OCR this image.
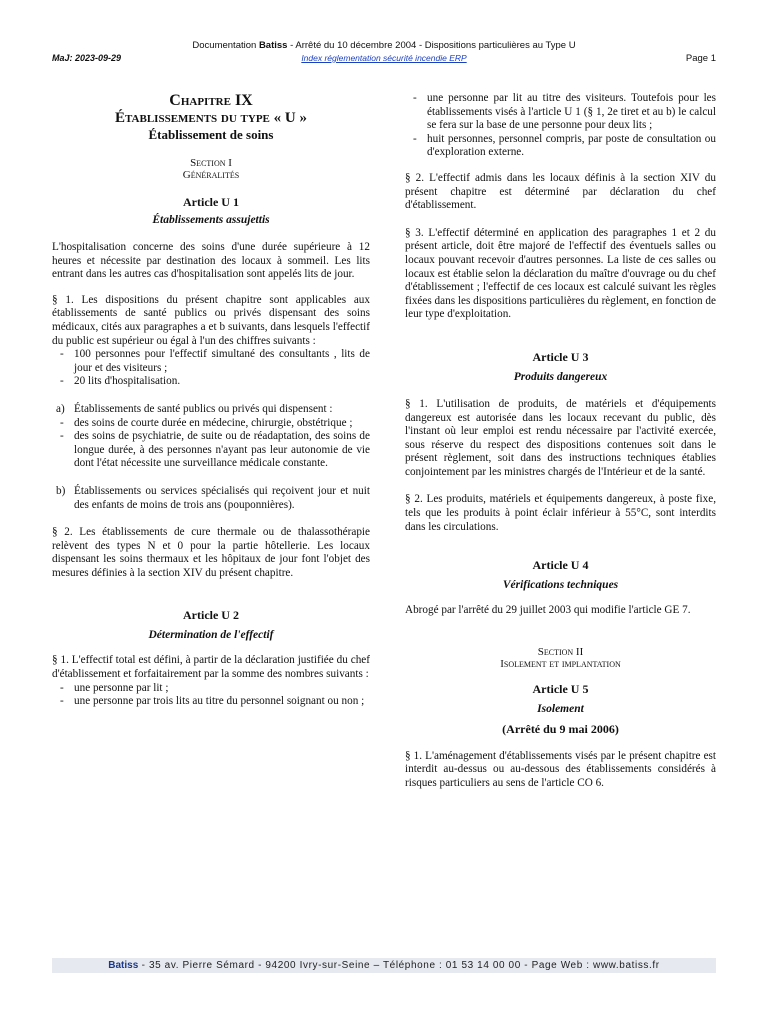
Documentation Batiss - Arrêté du 10 décembre 2004 - Dispositions particulières au Type U
MaJ: 2023-09-29	Index réglementation sécurité incendie ERP	Page 1
Chapitre IX
Établissements du type « U »
Établissement de soins
Section I
Généralités
Article U 1
Établissements assujettis

L'hospitalisation concerne des soins d'une durée supérieure à 12 heures et nécessite par destination des locaux à sommeil. Les lits entrant dans les autres cas d'hospitalisation sont appelés lits de jour.

§ 1. Les dispositions du présent chapitre sont applicables aux établissements de santé publics ou privés dispensant des soins médicaux, cités aux paragraphes a et b suivants, dans lesquels l'effectif du public est supérieur ou égal à l'un des chiffres suivants :

- 100 personnes pour l'effectif simultané des consultants , lits de jour et des visiteurs ;
- 20 lits d'hospitalisation.
a) Établissements de santé publics ou privés qui dispensent :
- des soins de courte durée en médecine, chirurgie, obstétrique ;
- des soins de psychiatrie, de suite ou de réadaptation, des soins de longue durée, à des personnes n'ayant pas leur autonomie de vie dont l'état nécessite une surveillance médicale constante.
b) Établissements ou services spécialisés qui reçoivent jour et nuit des enfants de moins de trois ans (pouponnières).

§ 2. Les établissements de cure thermale ou de thalassothérapie relèvent des types N et 0 pour la partie hôtellerie. Les locaux dispensant les soins thermaux et les hôpitaux de jour font l'objet des mesures définies à la section XIV du présent chapitre.

Article U 2
Détermination de l'effectif

§ 1. L'effectif total est défini, à partir de la déclaration justifiée du chef d'établissement et forfaitairement par la somme des nombres suivants :

- une personne par lit ;
- une personne par trois lits au titre du personnel soignant ou non ;
- une personne par lit au titre des visiteurs. Toutefois pour les établissements visés à l'article U 1 (§ 1, 2e tiret et au b) le calcul se fera sur la base de une personne pour deux lits ;
- huit personnes, personnel compris, par poste de consultation ou d'exploration externe.

§ 2. L'effectif admis dans les locaux définis à la section XIV du présent chapitre est déterminé par déclaration du chef d'établissement.

§ 3. L'effectif déterminé en application des paragraphes 1 et 2 du présent article, doit être majoré de l'effectif des éventuels salles ou locaux pouvant recevoir d'autres personnes. La liste de ces salles ou locaux est établie selon la déclaration du maître d'ouvrage ou du chef d'établissement ; l'effectif de ces locaux est calculé suivant les règles fixées dans les dispositions particulières du règlement, en fonction de leur type d'exploitation.

Article U 3
Produits dangereux

§ 1. L'utilisation de produits, de matériels et d'équipements dangereux est autorisée dans les locaux recevant du public, dès l'instant où leur emploi est rendu nécessaire par l'activité exercée, sous réserve du respect des dispositions contenues soit dans le présent règlement, soit dans des instructions techniques établies conjointement par les ministres chargés de l'Intérieur et de la santé.

§ 2. Les produits, matériels et équipements dangereux, à poste fixe, tels que les produits à point éclair inférieur à 55°C, sont interdits dans les circulations.

Article U 4
Vérifications techniques

Abrogé par l'arrêté du 29 juillet 2003 qui modifie l'article GE 7.

Section II
Isolement et implantation
Article U 5
Isolement
(Arrêté du 9 mai 2006)

§ 1. L'aménagement d'établissements visés par le présent chapitre est interdit au-dessus ou au-dessous des établissements considérés à risques particuliers au sens de l'article CO 6.

Batiss - 35 av. Pierre Sémard - 94200 Ivry-sur-Seine – Téléphone : 01 53 14 00 00 - Page Web : www.batiss.fr
